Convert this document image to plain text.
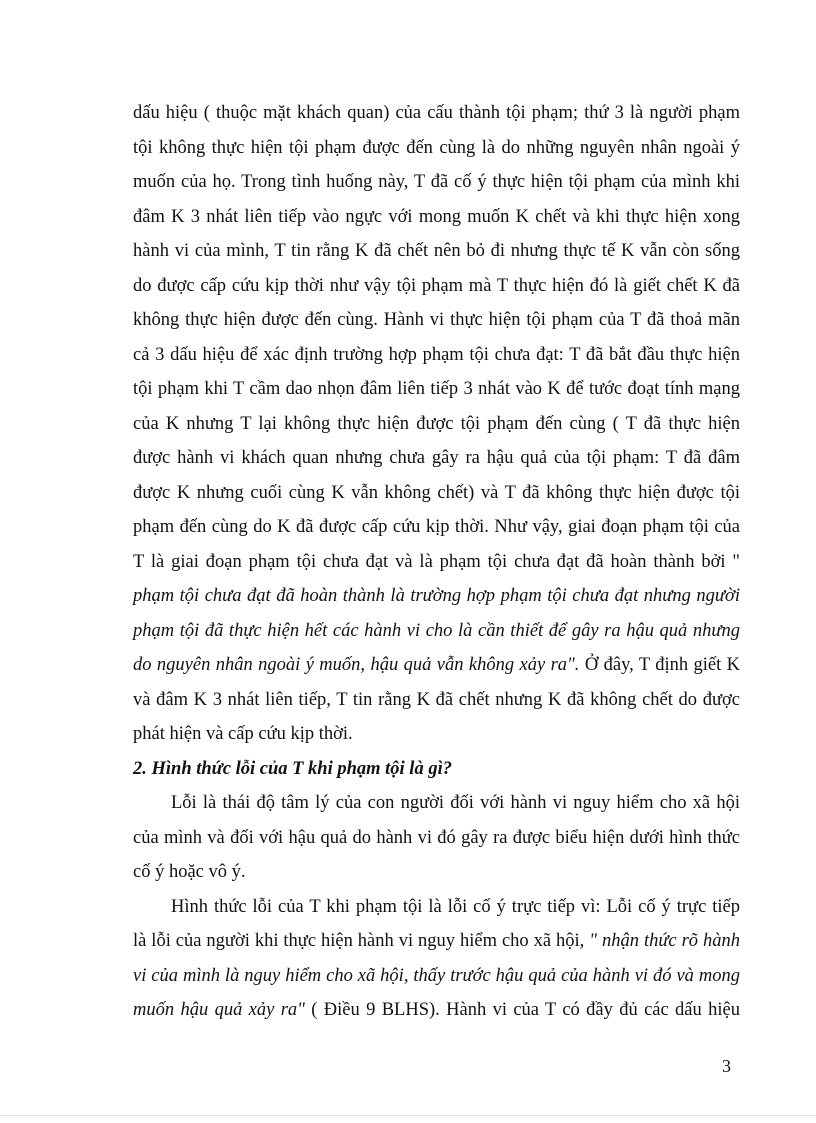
dấu hiệu ( thuộc mặt khách quan) của cấu thành tội phạm; thứ 3 là người phạm
tội không thực hiện tội phạm được đến cùng là do những nguyên nhân ngoài ý
muốn của họ. Trong tình huống này, T đã cố ý thực hiện tội phạm của mình khi
đâm K 3 nhát liên tiếp vào ngực với mong muốn K chết và khi thực hiện xong
hành vi của mình, T tin rằng K đã chết nên bỏ đi nhưng thực tế K vẫn còn sống
do được cấp cứu kịp thời như vậy tội phạm mà T thực hiện đó là giết chết K đã
không thực hiện được đến cùng. Hành vi thực hiện tội phạm của T đã thoả mãn
cả 3 dấu hiệu để xác định trường hợp phạm tội chưa đạt: T đã bắt đầu thực hiện
tội phạm khi T cầm dao nhọn đâm liên tiếp 3 nhát vào K để tước đoạt tính mạng
của K nhưng T lại không thực hiện được tội phạm đến cùng ( T đã thực hiện
được hành vi khách quan nhưng chưa gây ra hậu quả của tội phạm: T đã đâm
được K nhưng cuối cùng K vẫn không chết) và T đã không thực hiện được tội
phạm đến cùng do K đã được cấp cứu kịp thời. Như vậy, giai đoạn phạm tội của
T là giai đoạn phạm tội chưa đạt và là phạm tội chưa đạt đã hoàn thành bởi "
phạm tội chưa đạt đã hoàn thành là trường hợp phạm tội chưa đạt nhưng người
phạm tội đã thực hiện hết các hành vi cho là cần thiết để gây ra hậu quả nhưng
do nguyên nhân ngoài ý muốn, hậu quả vẫn không xảy ra". Ở đây, T định giết K
và đâm K 3 nhát liên tiếp, T tin rằng K đã chết nhưng K đã không chết do được
phát hiện và cấp cứu kịp thời.
2. Hình thức lỗi của T khi phạm tội là gì?
Lỗi là thái độ tâm lý của con người đối với hành vi nguy hiểm cho xã hội
của mình và đối với hậu quả do hành vi đó gây ra được biểu hiện dưới hình thức
cố ý hoặc vô ý.
Hình thức lỗi của T khi phạm tội là lỗi cố ý trực tiếp vì: Lỗi cố ý trực tiếp
là lỗi của người khi thực hiện hành vi nguy hiểm cho xã hội, " nhận thức rõ hành
vi của mình là nguy hiểm cho xã hội, thấy trước hậu quả của hành vi đó và mong
muốn hậu quả xảy ra" ( Điều 9 BLHS). Hành vi của T có đầy đủ các dấu hiệu
3
